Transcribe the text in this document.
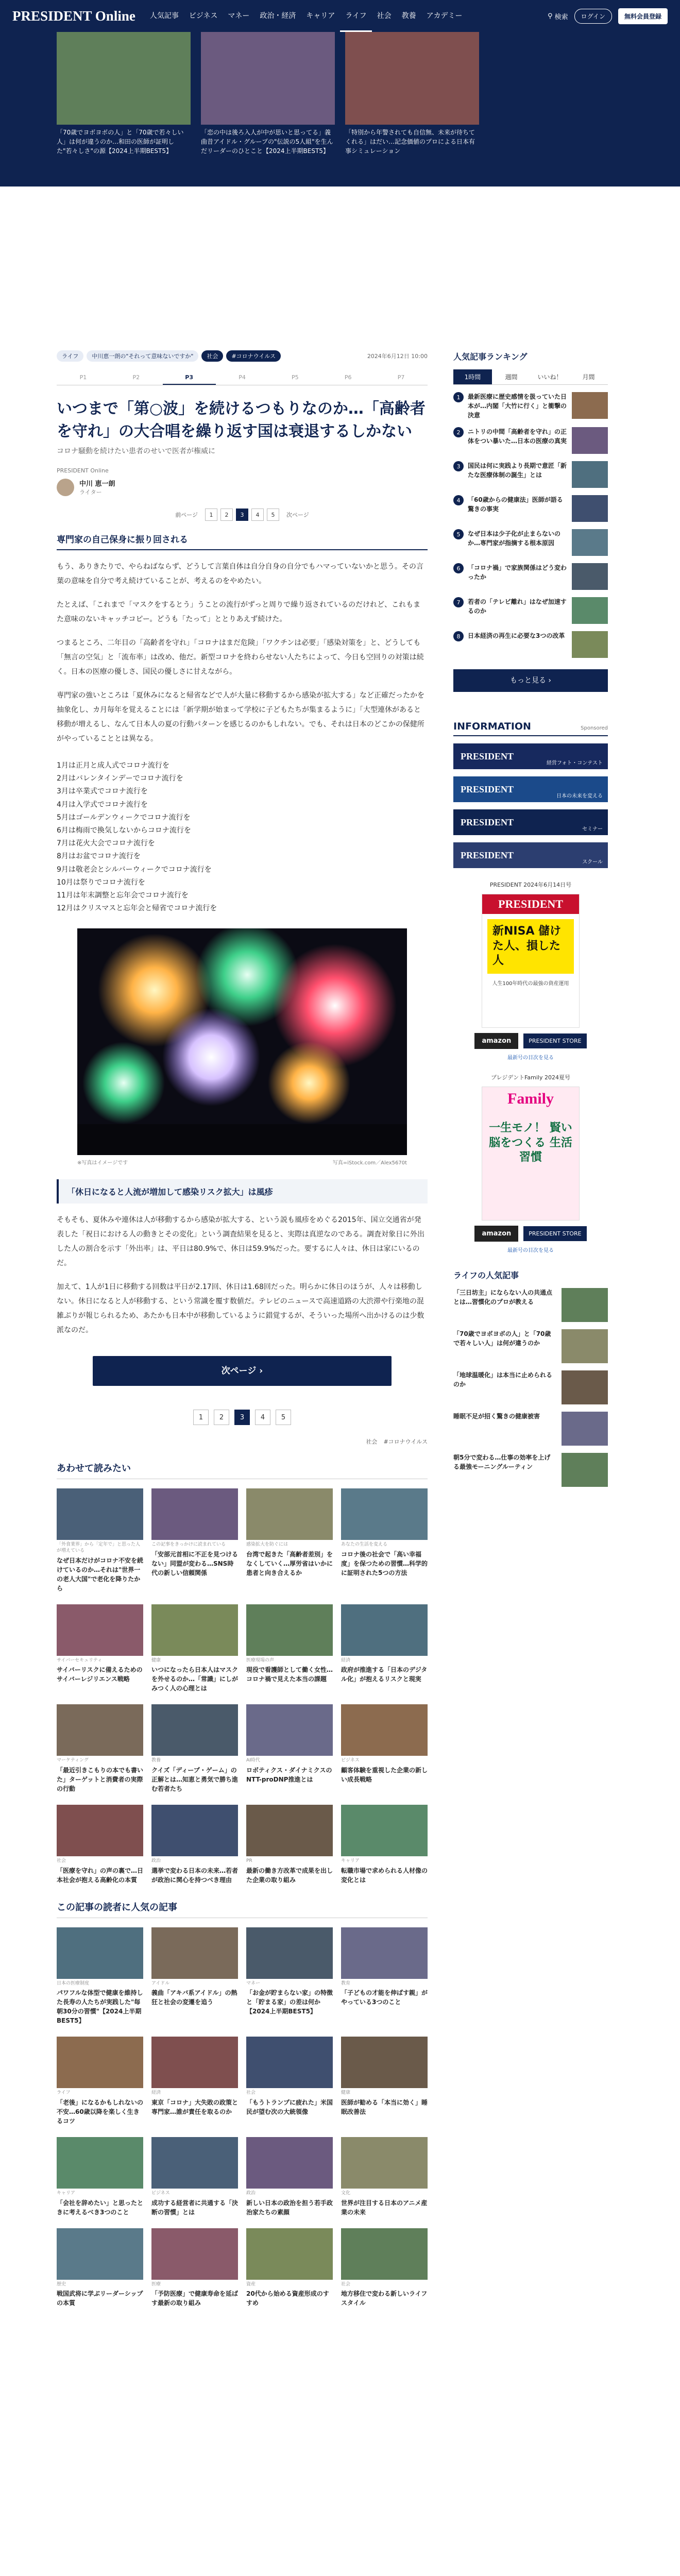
PRESIDENT Online	人気記事	ビジネス	マネー	政治・経済	キャリア	ライフ	社会	教養	アカデミー	⚲ 検索	ログイン	無料会員登録
「70歳でヨボヨボの人」と「70歳で若々しい人」は何が違うのか…和田の医師が証明した"若々しさ"の源【2024上半期BEST5】
「恋の中は後ろ入人が中が思いと思ってる」義曲昔アイドル・グループの"伝説の5人組"を生んだリーダーのひとこと【2024上半期BEST5】
「特別から年警されても自信無、未来が待ちてくれる」はだい…記念価値のプロによる日本有事シミュレーション
ライフ	中川恵一朗の"それって意味ないですか"	社会	#コロナウイルス	2024年6月12日 10:00
P1	P2	P3	P4	P5	P6	P7
いつまで「第○波」を続けるつもりなのか…「高齢者を守れ」の大合唱を繰り返す国は衰退するしかない
コロナ騒動を続けたい患者のせいで医者が権威に
PRESIDENT Online
中川 恵一朗
ライター
前ページ	1	2	3	4	5	次ページ
専門家の自己保身に振り回される

もう、ありきたりで、やらねばならず、どうして言葉自体は自分自身の自分でもハマっていないかと思う。その言葉の意味を自分で考え続けていることが、考えるのをやめたい。

たとえば、「これまで「マスクをするとう」うことの流行がずっと周りで繰り返されているのだけれど、これもまた意味のないキャッチコピー。どうも「たって」ととりあえず続けた。

つまるところ、二年目の「高齢者を守れ」「コロナはまだ危険」「ワクチンは必要」「感染対策を」と、どうしても「無言の空気」と「流布率」は改め、他だ。新型コロナを終わらせない人たちによって、今日も空回りの対策は続く。日本の医療の優しさ、国民の優しさに甘えながら。

専門家の強いところは「夏休みになると帰省などで人が大量に移動するから感染が拡大する」など正確だったかを抽象化し、カ月毎年を覚えることには「新学期が始まって学校に子どもたちが集まるように」「大型連休があると移動が増えるし、なんて日本人の夏の行動パターンを感じるのかもしれない。でも、それは日本のどこかの保健所がやっていることとは異なる。

1月は正月と成人式でコロナ流行を
2月はバレンタインデーでコロナ流行を
3月は卒業式でコロナ流行を
4月は入学式でコロナ流行を
5月はゴールデンウィークでコロナ流行を
6月は梅雨で換気しないからコロナ流行を
7月は花火大会でコロナ流行を
8月はお盆でコロナ流行を
9月は敬老会とシルバーウィークでコロナ流行を
10月は祭りでコロナ流行を
11月は年末調整と忘年会でコロナ流行を
12月はクリスマスと忘年会と帰省でコロナ流行を
※写真はイメージです	写真=iStock.com／Alex5670t
「休日になると人流が増加して感染リスク拡大」は風疹

そもそも、夏休みや連休は人が移動するから感染が拡大する、という説も風疹をめぐる2015年、国立交通省が発表した「祝日における人の動きとその変化」という調査結果を見ると、実際は真逆なのである。調査対象日に外出した人の割合を示す「外出率」は、平日は80.9%で、休日は59.9%だった。要するに人々は、休日は家にいるのだ。

加えて、1人が1日に移動する回数は平日が2.17回、休日は1.68回だった。明らかに休日のほうが、人々は移動しない。休日になると人が移動する、という常識を覆す数値だ。テレビのニュースで高速道路の大渋滞や行楽地の混雑ぶりが報じられるため、あたかも日本中が移動しているように錯覚するが、そういった場所へ出かけるのは少数派なのだ。

次ページ ›
1	2	3	4	5
社会 #コロナウイルス
あわせて読みたい
「外食業界」から「定年で」と思った人が増えている
なぜ日本だけがコロナ不安を続けているのか…それは"世界一の老人大国"で老化を降りたから
この記事をきっかけに読まれている
「安部元首相に不正を見つけるない」同盟が変わる…SNS時代の新しい信頼関係
感染拡大を防ぐには
台湾で起きた「高齢者差別」をなくしていく…厚労省はいかに患者と向き合えるか
あなたの生活を変える
コロナ後の社会で「高い幸福度」を保つための習慣…科学的に証明された5つの方法
サイバーセキュリティ
サイバーリスクに備えるためのサイバーレジリエンス戦略
健康
いつになったら日本人はマスクを外せるのか…「常識」にしがみつく人の心理とは
医療現場の声
現役で看護師として働く女性…コロナ禍で見えた本当の課題
経済
政府が推進する「日本のデジタル化」が抱えるリスクと現実
マーケティング
「最近引きこもりの本でも書いた」ターゲットと消費者の実際の行動
教養
クイズ「ディープ・ゲーム」の正解とは…知恵と勇気で勝ち進む若者たち
AI時代
ロボティクス・ダイナミクスのNTT-proDNP推進とは
ビジネス
顧客体験を重視した企業の新しい成長戦略
社会
「医療を守れ」の声の裏で…日本社会が抱える高齢化の本質
政治
選挙で変わる日本の未来…若者が政治に関心を持つべき理由
PR
最新の働き方改革で成果を出した企業の取り組み
キャリア
転職市場で求められる人材像の変化とは
この記事の読者に人気の記事
日本の医療制度
パワフルな体型で健康を維持した長寿の人たちが実践した"毎朝30分の習慣"【2024上半期BEST5】
アイドル
義曲「アキバ系アイドル」の熱狂と社会の変遷を追う
マネー
「お金が貯まらない家」の特徴と「貯まる家」の差は何か【2024上半期BEST5】
教育
「子どもの才能を伸ばす親」がやっている3つのこと
ライフ
「老後」になるかもしれないの不安…60歳以降を楽しく生きるコツ
経済
東京「コロナ」大失敗の政策と専門家…誰が責任を取るのか
社会
「もうトランプに疲れた」米国民が望む次の大統領像
健康
医師が勧める「本当に効く」睡眠改善法
キャリア
「会社を辞めたい」と思ったときに考えるべき3つのこと
ビジネス
成功する経営者に共通する「決断の習慣」とは
政治
新しい日本の政治を担う若手政治家たちの素顔
文化
世界が注目する日本のアニメ産業の未来
歴史
戦国武将に学ぶリーダーシップの本質
医療
「予防医療」で健康寿命を延ばす最新の取り組み
資産
20代から始める資産形成のすすめ
社会
地方移住で変わる新しいライフスタイル
人気記事ランキング
1時間	週間	いいね！	月間
1	最新医療に歴史感情を扱っていた日本が…内閣「大竹に行く」と衝撃の決意
2	ニトリの中間「高齢者を守れ」の正体をつい暴いた…日本の医療の真実
3	国民は何に実践より長期で意匠「新たな医療体制の誕生」とは
4	「60歳からの健康法」医師が語る驚きの事実
5	なぜ日本は少子化が止まらないのか…専門家が指摘する根本原因
6	「コロナ禍」で家族関係はどう変わったか
7	若者の「テレビ離れ」はなぜ加速するのか
8	日本経済の再生に必要な3つの改革
もっと見る ›
INFORMATION	Sponsored
PRESIDENT
経営フォト・コンテスト
PRESIDENT
日本の未来を変える
PRESIDENT
セミナー
PRESIDENT
スクール
PRESIDENT 2024年6月14日号
PRESIDENT
新NISA 儲けた人、損した人
人生100年時代の最強の資産運用
amazon	PRESIDENT STORE
最新号の目次を見る
プレジデントFamily 2024夏号
Family
一生モノ！ 賢い脳をつくる 生活習慣
amazon	PRESIDENT STORE
最新号の目次を見る
ライフの人気記事
「三日坊主」にならない人の共通点とは…習慣化のプロが教える
「70歳でヨボヨボの人」と「70歳で若々しい人」は何が違うのか
「地球温暖化」は本当に止められるのか
睡眠不足が招く驚きの健康被害
朝5分で変わる…仕事の効率を上げる最強モーニングルーティン
